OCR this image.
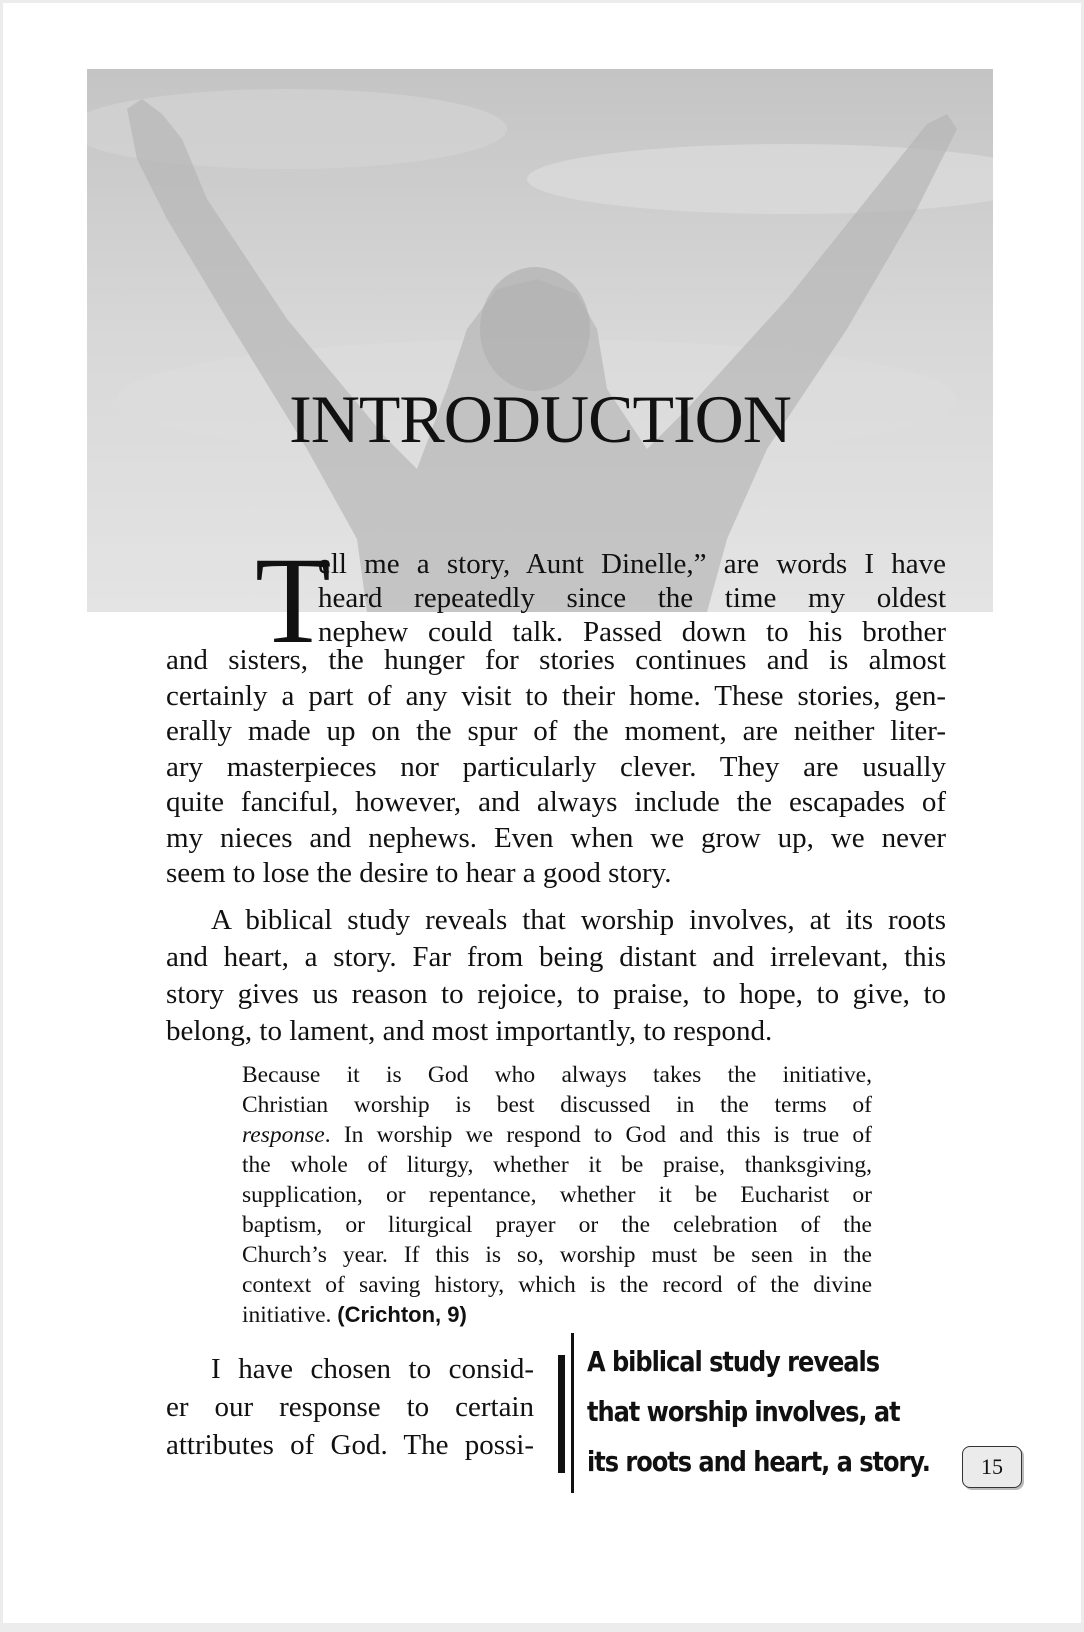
INTRODUCTION
T
ell me a story, Aunt Dinelle,” are words I have
heard repeatedly since the time my oldest
nephew could talk. Passed down to his brother
and sisters, the hunger for stories continues and is almost
certainly a part of any visit to their home. These stories, gen-
erally made up on the spur of the moment, are neither liter-
ary masterpieces nor particularly clever. They are usually
quite fanciful, however, and always include the escapades of
my nieces and nephews. Even when we grow up, we never
seem to lose the desire to hear a good story.
A biblical study reveals that worship involves, at its roots
and heart, a story. Far from being distant and irrelevant, this
story gives us reason to rejoice, to praise, to hope, to give, to
belong, to lament, and most importantly, to respond.
Because it is God who always takes the initiative,
Christian worship is best discussed in the terms of
response. In worship we respond to God and this is true of
the whole of liturgy, whether it be praise, thanksgiving,
supplication, or repentance, whether it be Eucharist or
baptism, or liturgical prayer or the celebration of the
Church’s year. If this is so, worship must be seen in the
context of saving history, which is the record of the divine
initiative. (Crichton, 9)
I have chosen to consid-
er our response to certain
attributes of God. The possi-
A biblical study reveals
that worship involves, at
its roots and heart, a story.	15
